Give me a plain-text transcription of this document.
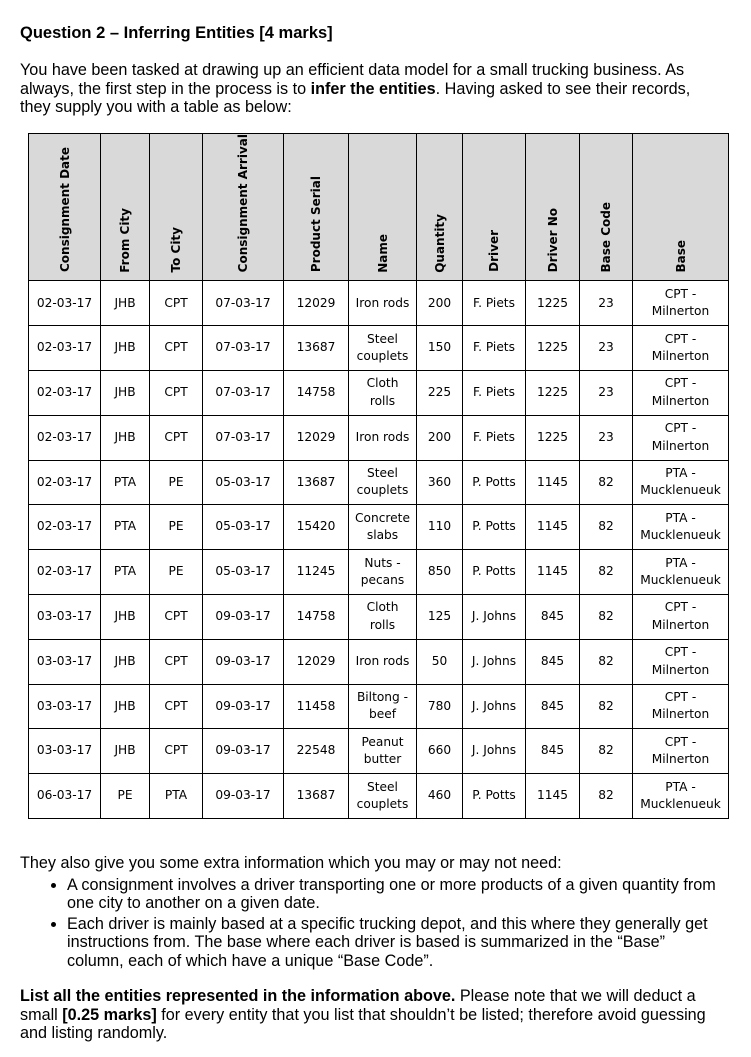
Question 2 – Inferring Entities [4 marks]
You have been tasked at drawing up an efficient data model for a small trucking business. As always, the first step in the process is to infer the entities. Having asked to see their records, they supply you with a table as below:
Consignment Date	From City	To City	Consignment Arrival	Product Serial	Name	Quantity	Driver	Driver No	Base Code	Base
02-03-17	JHB	CPT	07-03-17	12029	Iron rods	200	F. Piets	1225	23	CPT - Milnerton
02-03-17	JHB	CPT	07-03-17	13687	Steel couplets	150	F. Piets	1225	23	CPT - Milnerton
02-03-17	JHB	CPT	07-03-17	14758	Cloth rolls	225	F. Piets	1225	23	CPT - Milnerton
02-03-17	JHB	CPT	07-03-17	12029	Iron rods	200	F. Piets	1225	23	CPT - Milnerton
02-03-17	PTA	PE	05-03-17	13687	Steel couplets	360	P. Potts	1145	82	PTA - Mucklenueuk
02-03-17	PTA	PE	05-03-17	15420	Concrete slabs	110	P. Potts	1145	82	PTA - Mucklenueuk
02-03-17	PTA	PE	05-03-17	11245	Nuts - pecans	850	P. Potts	1145	82	PTA - Mucklenueuk
03-03-17	JHB	CPT	09-03-17	14758	Cloth rolls	125	J. Johns	845	82	CPT - Milnerton
03-03-17	JHB	CPT	09-03-17	12029	Iron rods	50	J. Johns	845	82	CPT - Milnerton
03-03-17	JHB	CPT	09-03-17	11458	Biltong - beef	780	J. Johns	845	82	CPT - Milnerton
03-03-17	JHB	CPT	09-03-17	22548	Peanut butter	660	J. Johns	845	82	CPT - Milnerton
06-03-17	PE	PTA	09-03-17	13687	Steel couplets	460	P. Potts	1145	82	PTA - Mucklenueuk
They also give you some extra information which you may or may not need:
• A consignment involves a driver transporting one or more products of a given quantity from one city to another on a given date.
• Each driver is mainly based at a specific trucking depot, and this where they generally get instructions from. The base where each driver is based is summarized in the “Base” column, each of which have a unique “Base Code”.
List all the entities represented in the information above. Please note that we will deduct a small [0.25 marks] for every entity that you list that shouldn’t be listed; therefore avoid guessing and listing randomly.
